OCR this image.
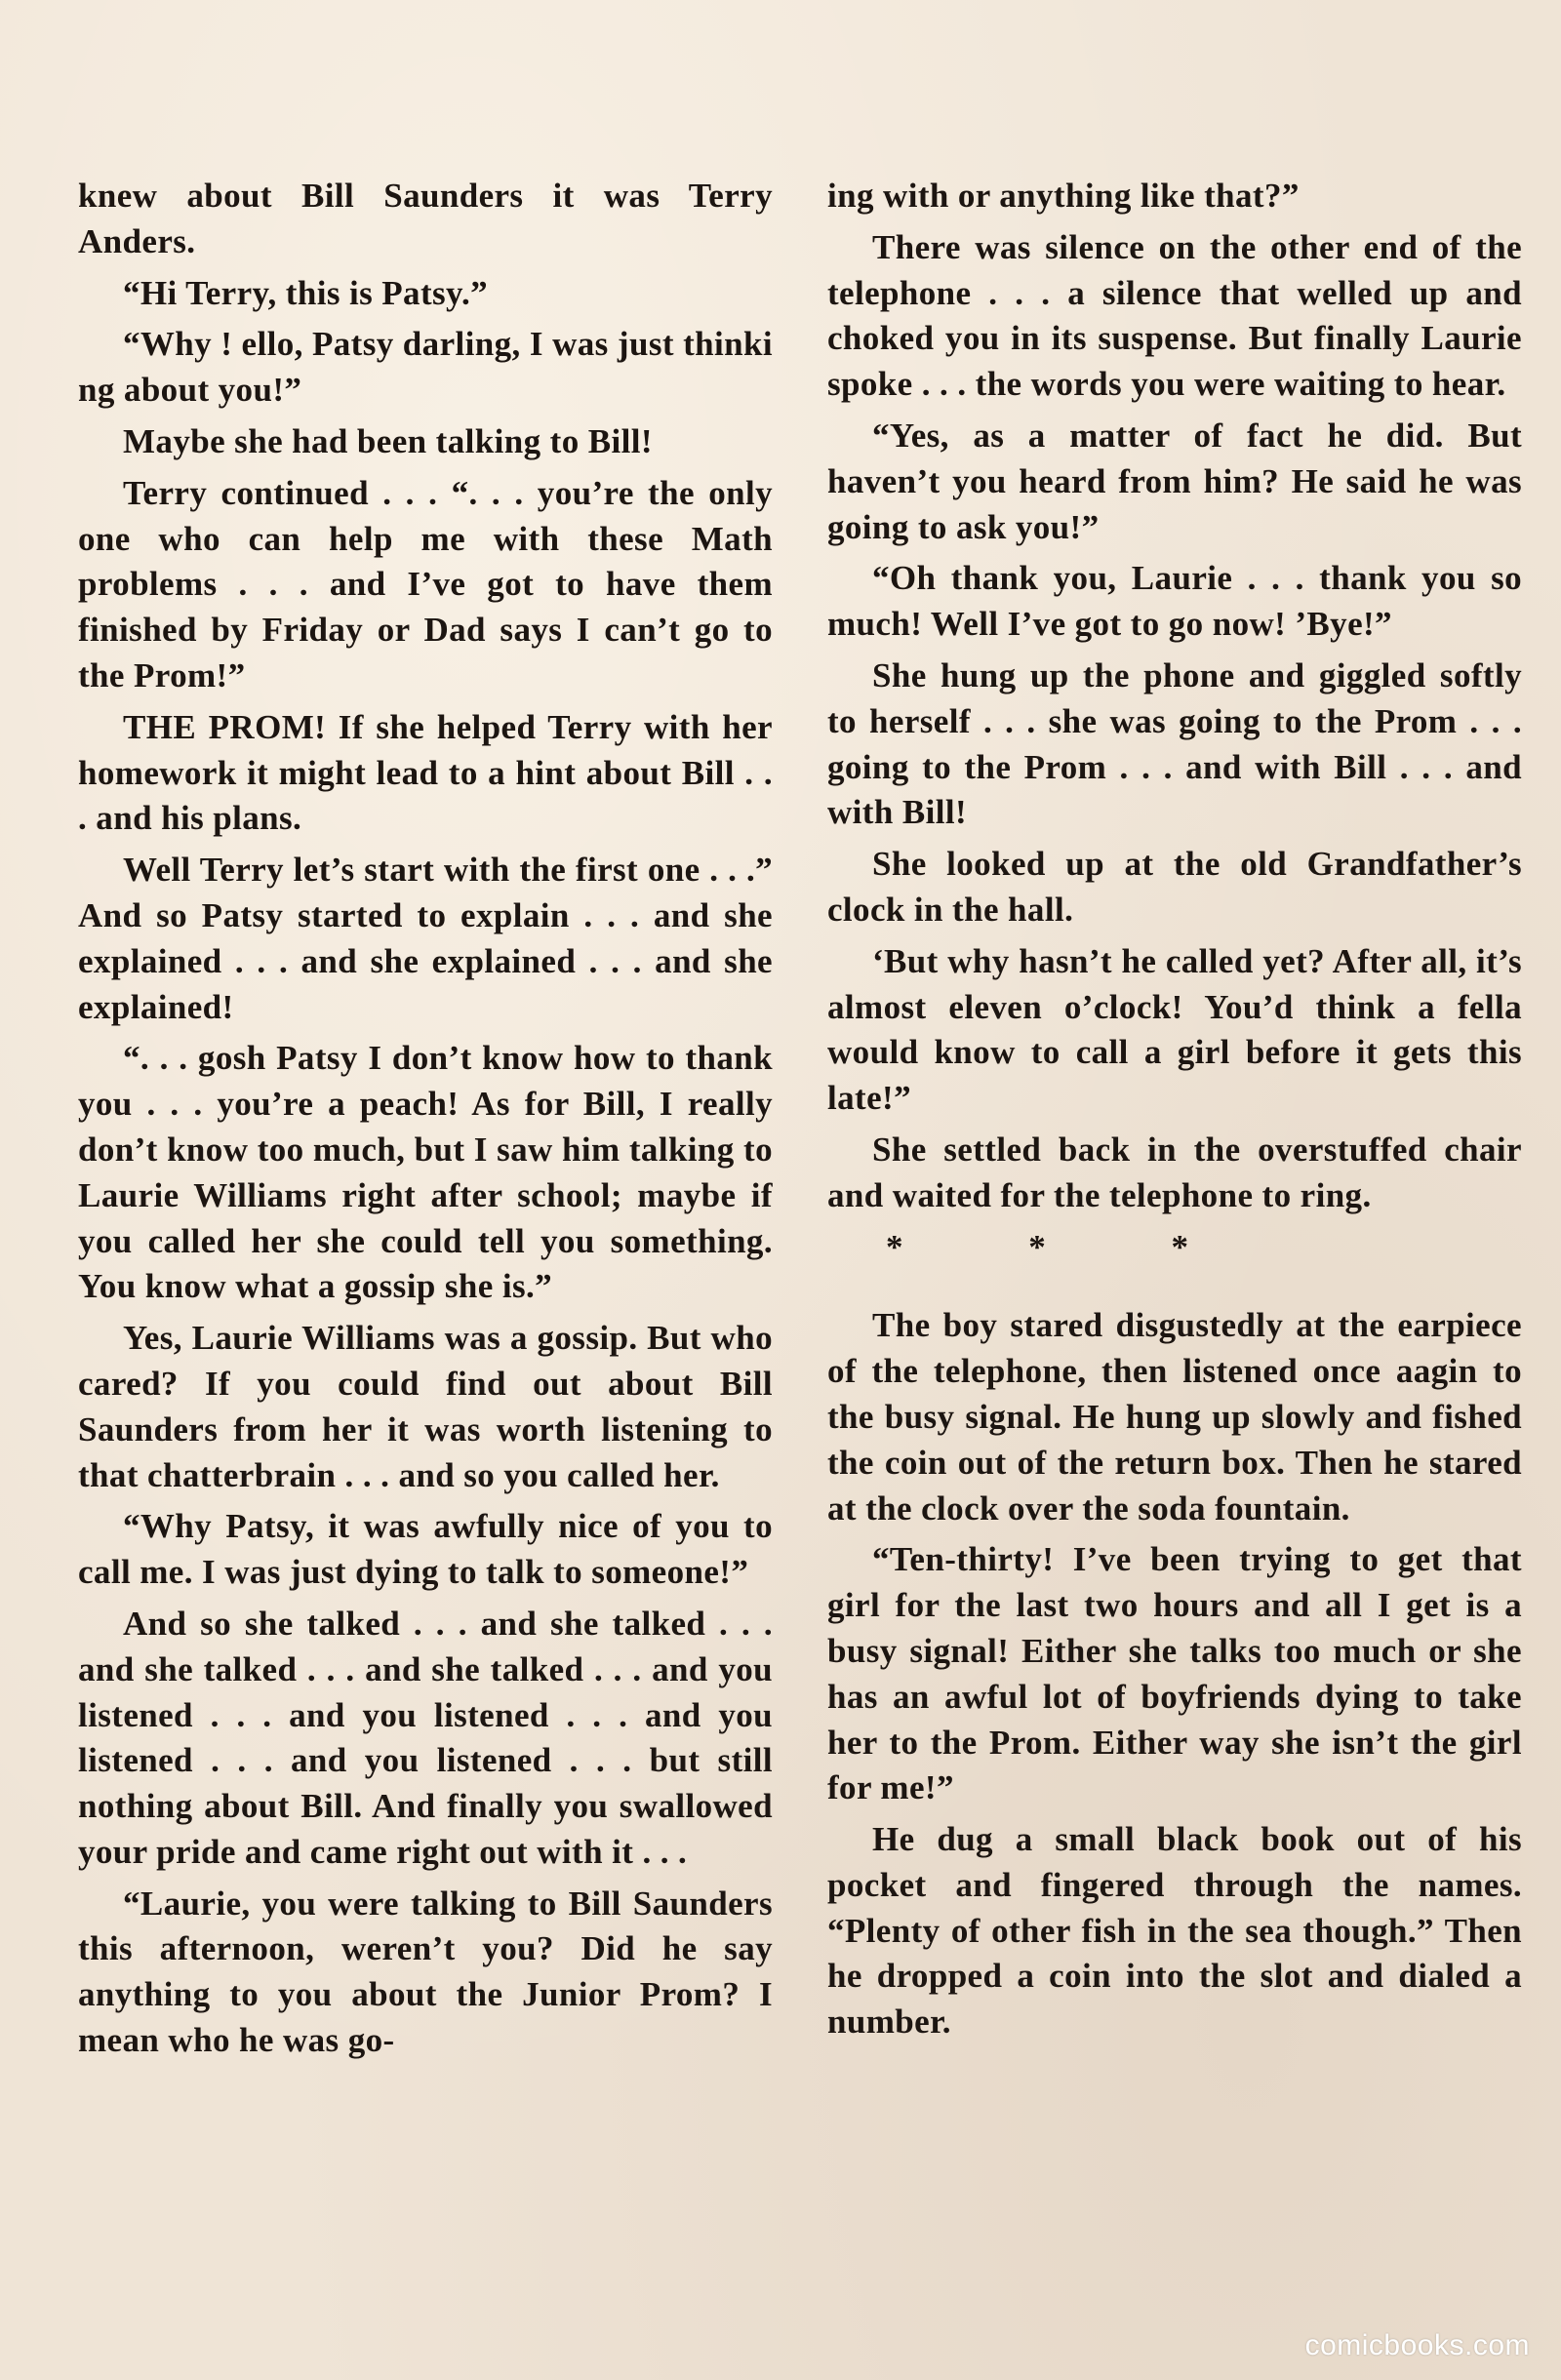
knew about Bill Saunders it was Terry Anders.

“Hi Terry, this is Patsy.”

“Why ! ello, Patsy darling, I was just thinki ng about you!”

Maybe she had been talking to Bill!

Terry continued . . . “. . . you’re the only one who can help me with these Math problems . . . and I’ve got to have them finished by Friday or Dad says I can’t go to the Prom!”

THE PROM! If she helped Terry with her homework it might lead to a hint about Bill . . . and his plans.

Well Terry let’s start with the first one . . .” And so Patsy started to explain . . . and she explained . . . and she explained . . . and she explained!

“. . . gosh Patsy I don’t know how to thank you . . . you’re a peach! As for Bill, I really don’t know too much, but I saw him talking to Laurie Williams right after school; maybe if you called her she could tell you something. You know what a gossip she is.”

Yes, Laurie Williams was a gossip. But who cared? If you could find out about Bill Saunders from her it was worth listening to that chatterbrain . . . and so you called her.

“Why Patsy, it was awfully nice of you to call me. I was just dying to talk to someone!”

And so she talked . . . and she talked . . . and she talked . . . and she talked . . . and you listened . . . and you listened . . . and you listened . . . and you listened . . . but still nothing about Bill. And finally you swallowed your pride and came right out with it . . .

“Laurie, you were talking to Bill Saunders this afternoon, weren’t you? Did he say anything to you about the Junior Prom? I mean who he was go-

ing with or anything like that?”

There was silence on the other end of the telephone . . . a silence that welled up and choked you in its suspense. But finally Laurie spoke . . . the words you were waiting to hear.

“Yes, as a matter of fact he did. But haven’t you heard from him? He said he was going to ask you!”

“Oh thank you, Laurie . . . thank you so much! Well I’ve got to go now! ’Bye!”

She hung up the phone and giggled softly to herself . . . she was going to the Prom . . . going to the Prom . . . and with Bill . . . and with Bill!

She looked up at the old Grandfather’s clock in the hall.

‘But why hasn’t he called yet? After all, it’s almost eleven o’clock! You’d think a fella would know to call a girl before it gets this late!”

She settled back in the overstuffed chair and waited for the telephone to ring.

* * *

The boy stared disgustedly at the earpiece of the telephone, then listened once aagin to the busy signal. He hung up slowly and fished the coin out of the return box. Then he stared at the clock over the soda fountain.

“Ten-thirty! I’ve been trying to get that girl for the last two hours and all I get is a busy signal! Either she talks too much or she has an awful lot of boyfriends dying to take her to the Prom. Either way she isn’t the girl for me!”

He dug a small black book out of his pocket and fingered through the names. “Plenty of other fish in the sea though.” Then he dropped a coin into the slot and dialed a number.

comicbooks.com
